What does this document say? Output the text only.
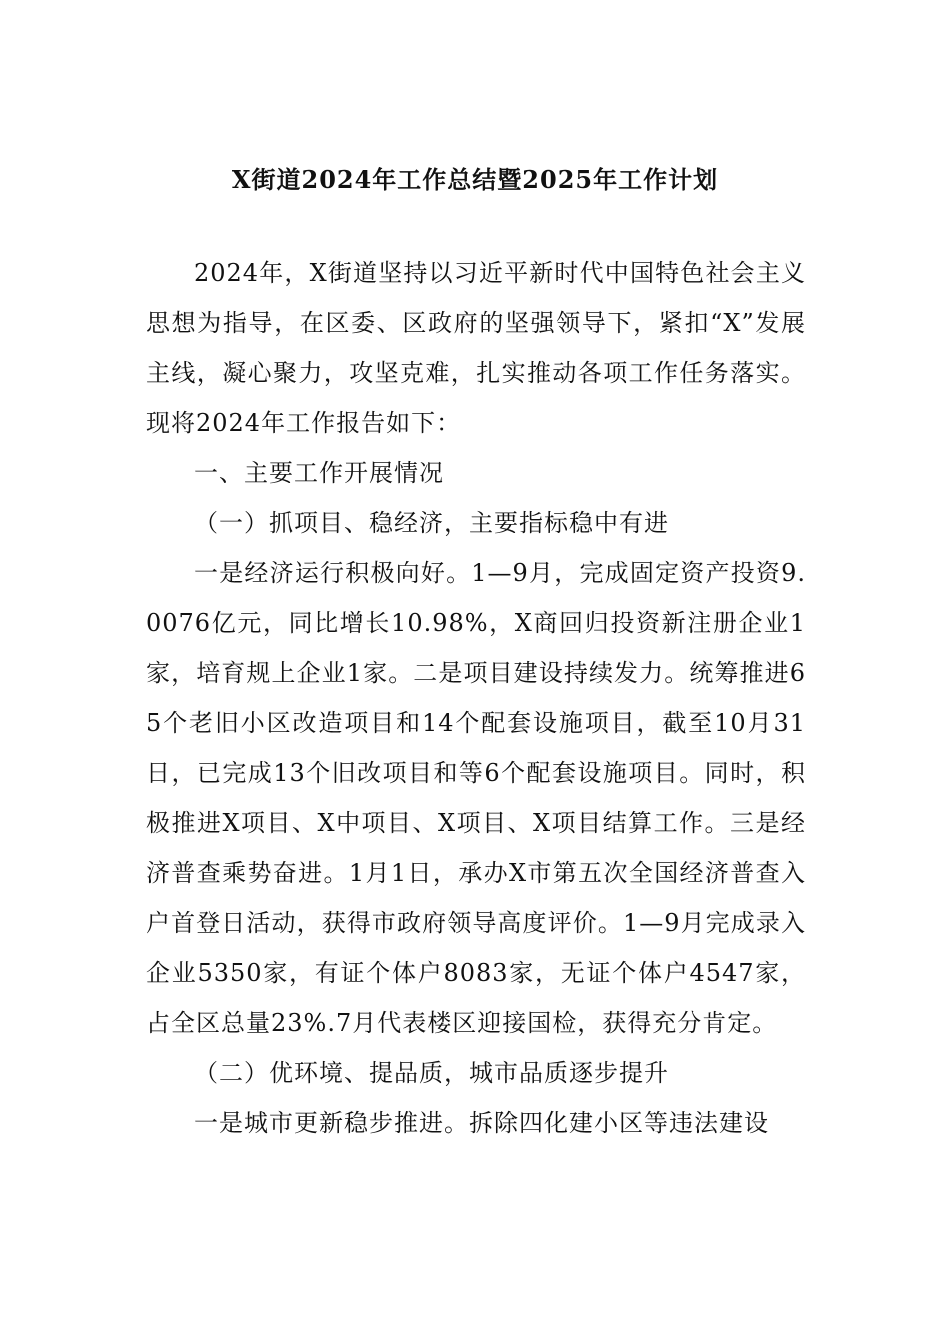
X街道2024年工作总结暨2025年工作计划

2024年，X街道坚持以习近平新时代中国特色社会主义思想为指导，在区委、区政府的坚强领导下，紧扣“X”发展主线，凝心聚力，攻坚克难，扎实推动各项工作任务落实。现将2024年工作报告如下：

一、主要工作开展情况

（一）抓项目、稳经济，主要指标稳中有进

一是经济运行积极向好。1—9月，完成固定资产投资9.0076亿元，同比增长10.98%，X商回归投资新注册企业1家，培育规上企业1家。二是项目建设持续发力。统筹推进65个老旧小区改造项目和14个配套设施项目，截至10月31日，已完成13个旧改项目和等6个配套设施项目。同时，积极推进X项目、X中项目、X项目、X项目结算工作。三是经济普查乘势奋进。1月1日，承办X市第五次全国经济普查入户首登日活动，获得市政府领导高度评价。1—9月完成录入企业5350家，有证个体户8083家，无证个体户4547家，占全区总量23%.7月代表楼区迎接国检，获得充分肯定。

（二）优环境、提品质，城市品质逐步提升

一是城市更新稳步推进。拆除四化建小区等违法建设
